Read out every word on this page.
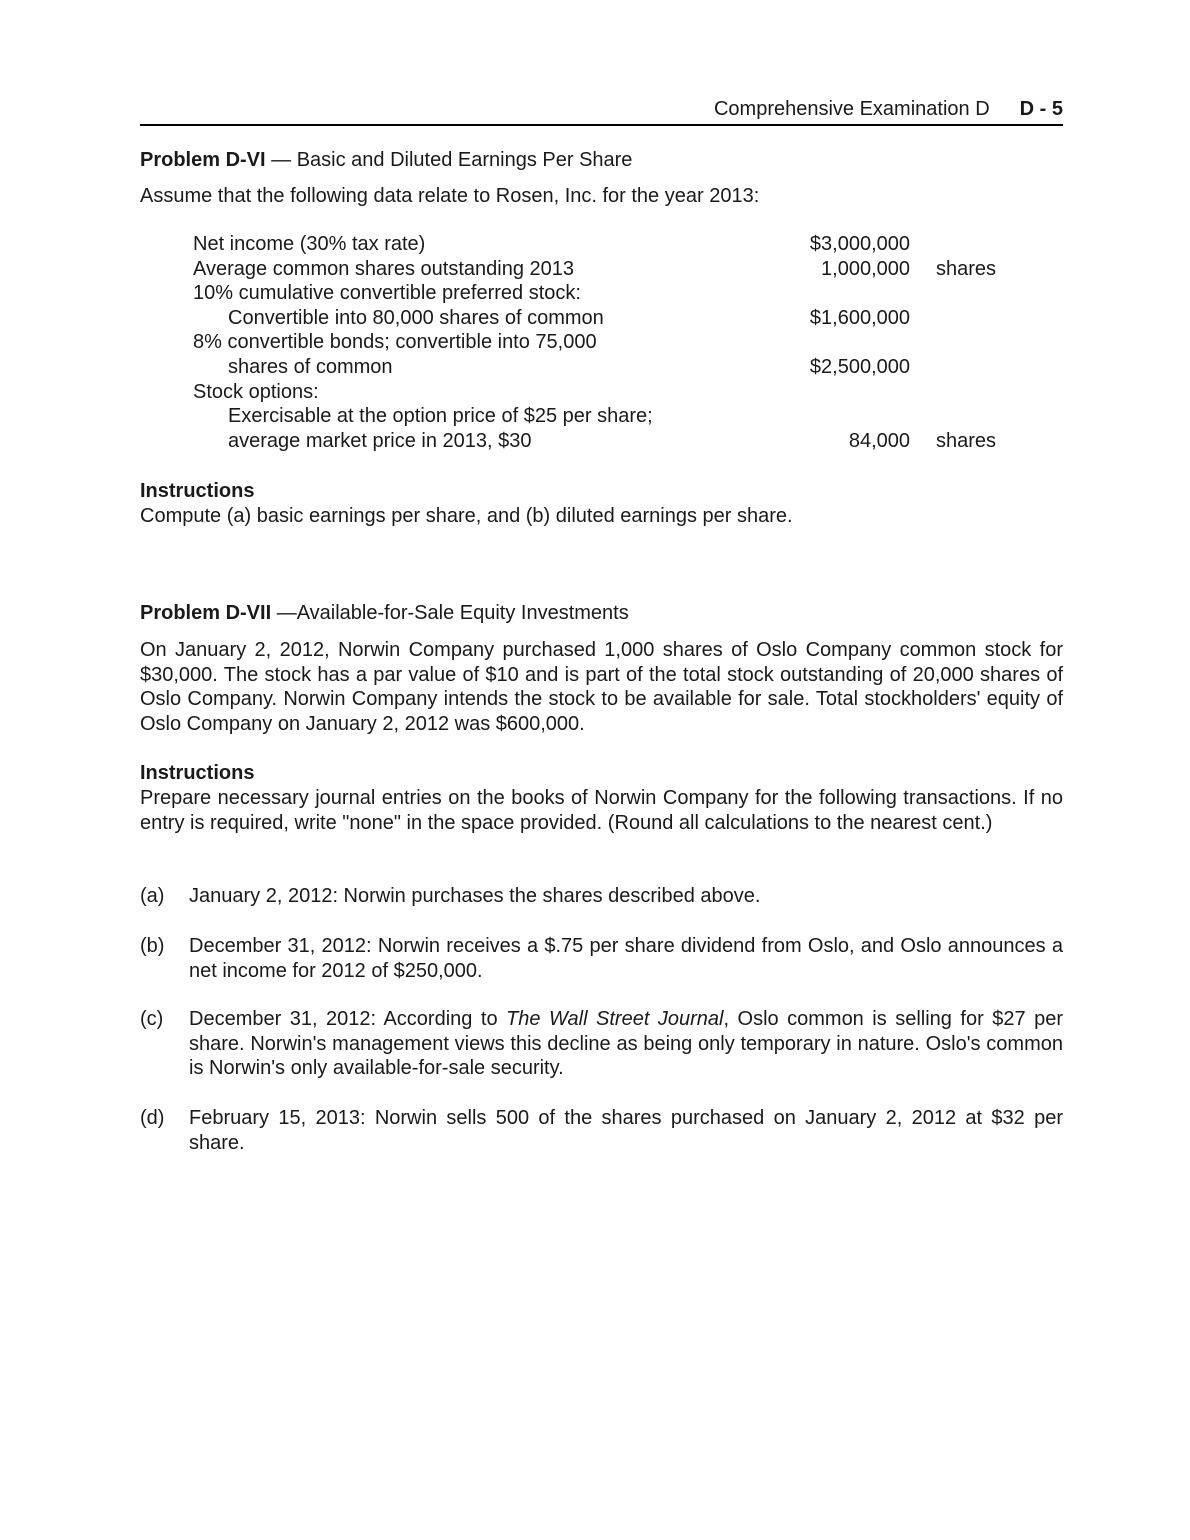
Comprehensive Examination D D - 5
Problem D-VI — Basic and Diluted Earnings Per Share
Assume that the following data relate to Rosen, Inc. for the year 2013:
Net income (30% tax rate)	$3,000,000	
Average common shares outstanding 2013	1,000,000	shares
10% cumulative convertible preferred stock:		
Convertible into 80,000 shares of common	$1,600,000	
8% convertible bonds; convertible into 75,000		
shares of common	$2,500,000	
Stock options:		
Exercisable at the option price of $25 per share;		
average market price in 2013, $30	84,000	shares
Instructions
Compute (a) basic earnings per share, and (b) diluted earnings per share.
Problem D-VII —Available-for-Sale Equity Investments
On January 2, 2012, Norwin Company purchased 1,000 shares of Oslo Company common stock for $30,000. The stock has a par value of $10 and is part of the total stock outstanding of 20,000 shares of Oslo Company. Norwin Company intends the stock to be available for sale. Total stockholders' equity of Oslo Company on January 2, 2012 was $600,000.
Instructions
Prepare necessary journal entries on the books of Norwin Company for the following transactions. If no entry is required, write "none" in the space provided. (Round all calculations to the nearest cent.)
(a) January 2, 2012: Norwin purchases the shares described above.
(b) December 31, 2012: Norwin receives a $.75 per share dividend from Oslo, and Oslo announces a net income for 2012 of $250,000.
(c) December 31, 2012: According to The Wall Street Journal, Oslo common is selling for $27 per share. Norwin's management views this decline as being only temporary in nature. Oslo's common is Norwin's only available-for-sale security.
(d) February 15, 2013: Norwin sells 500 of the shares purchased on January 2, 2012 at $32 per share.
